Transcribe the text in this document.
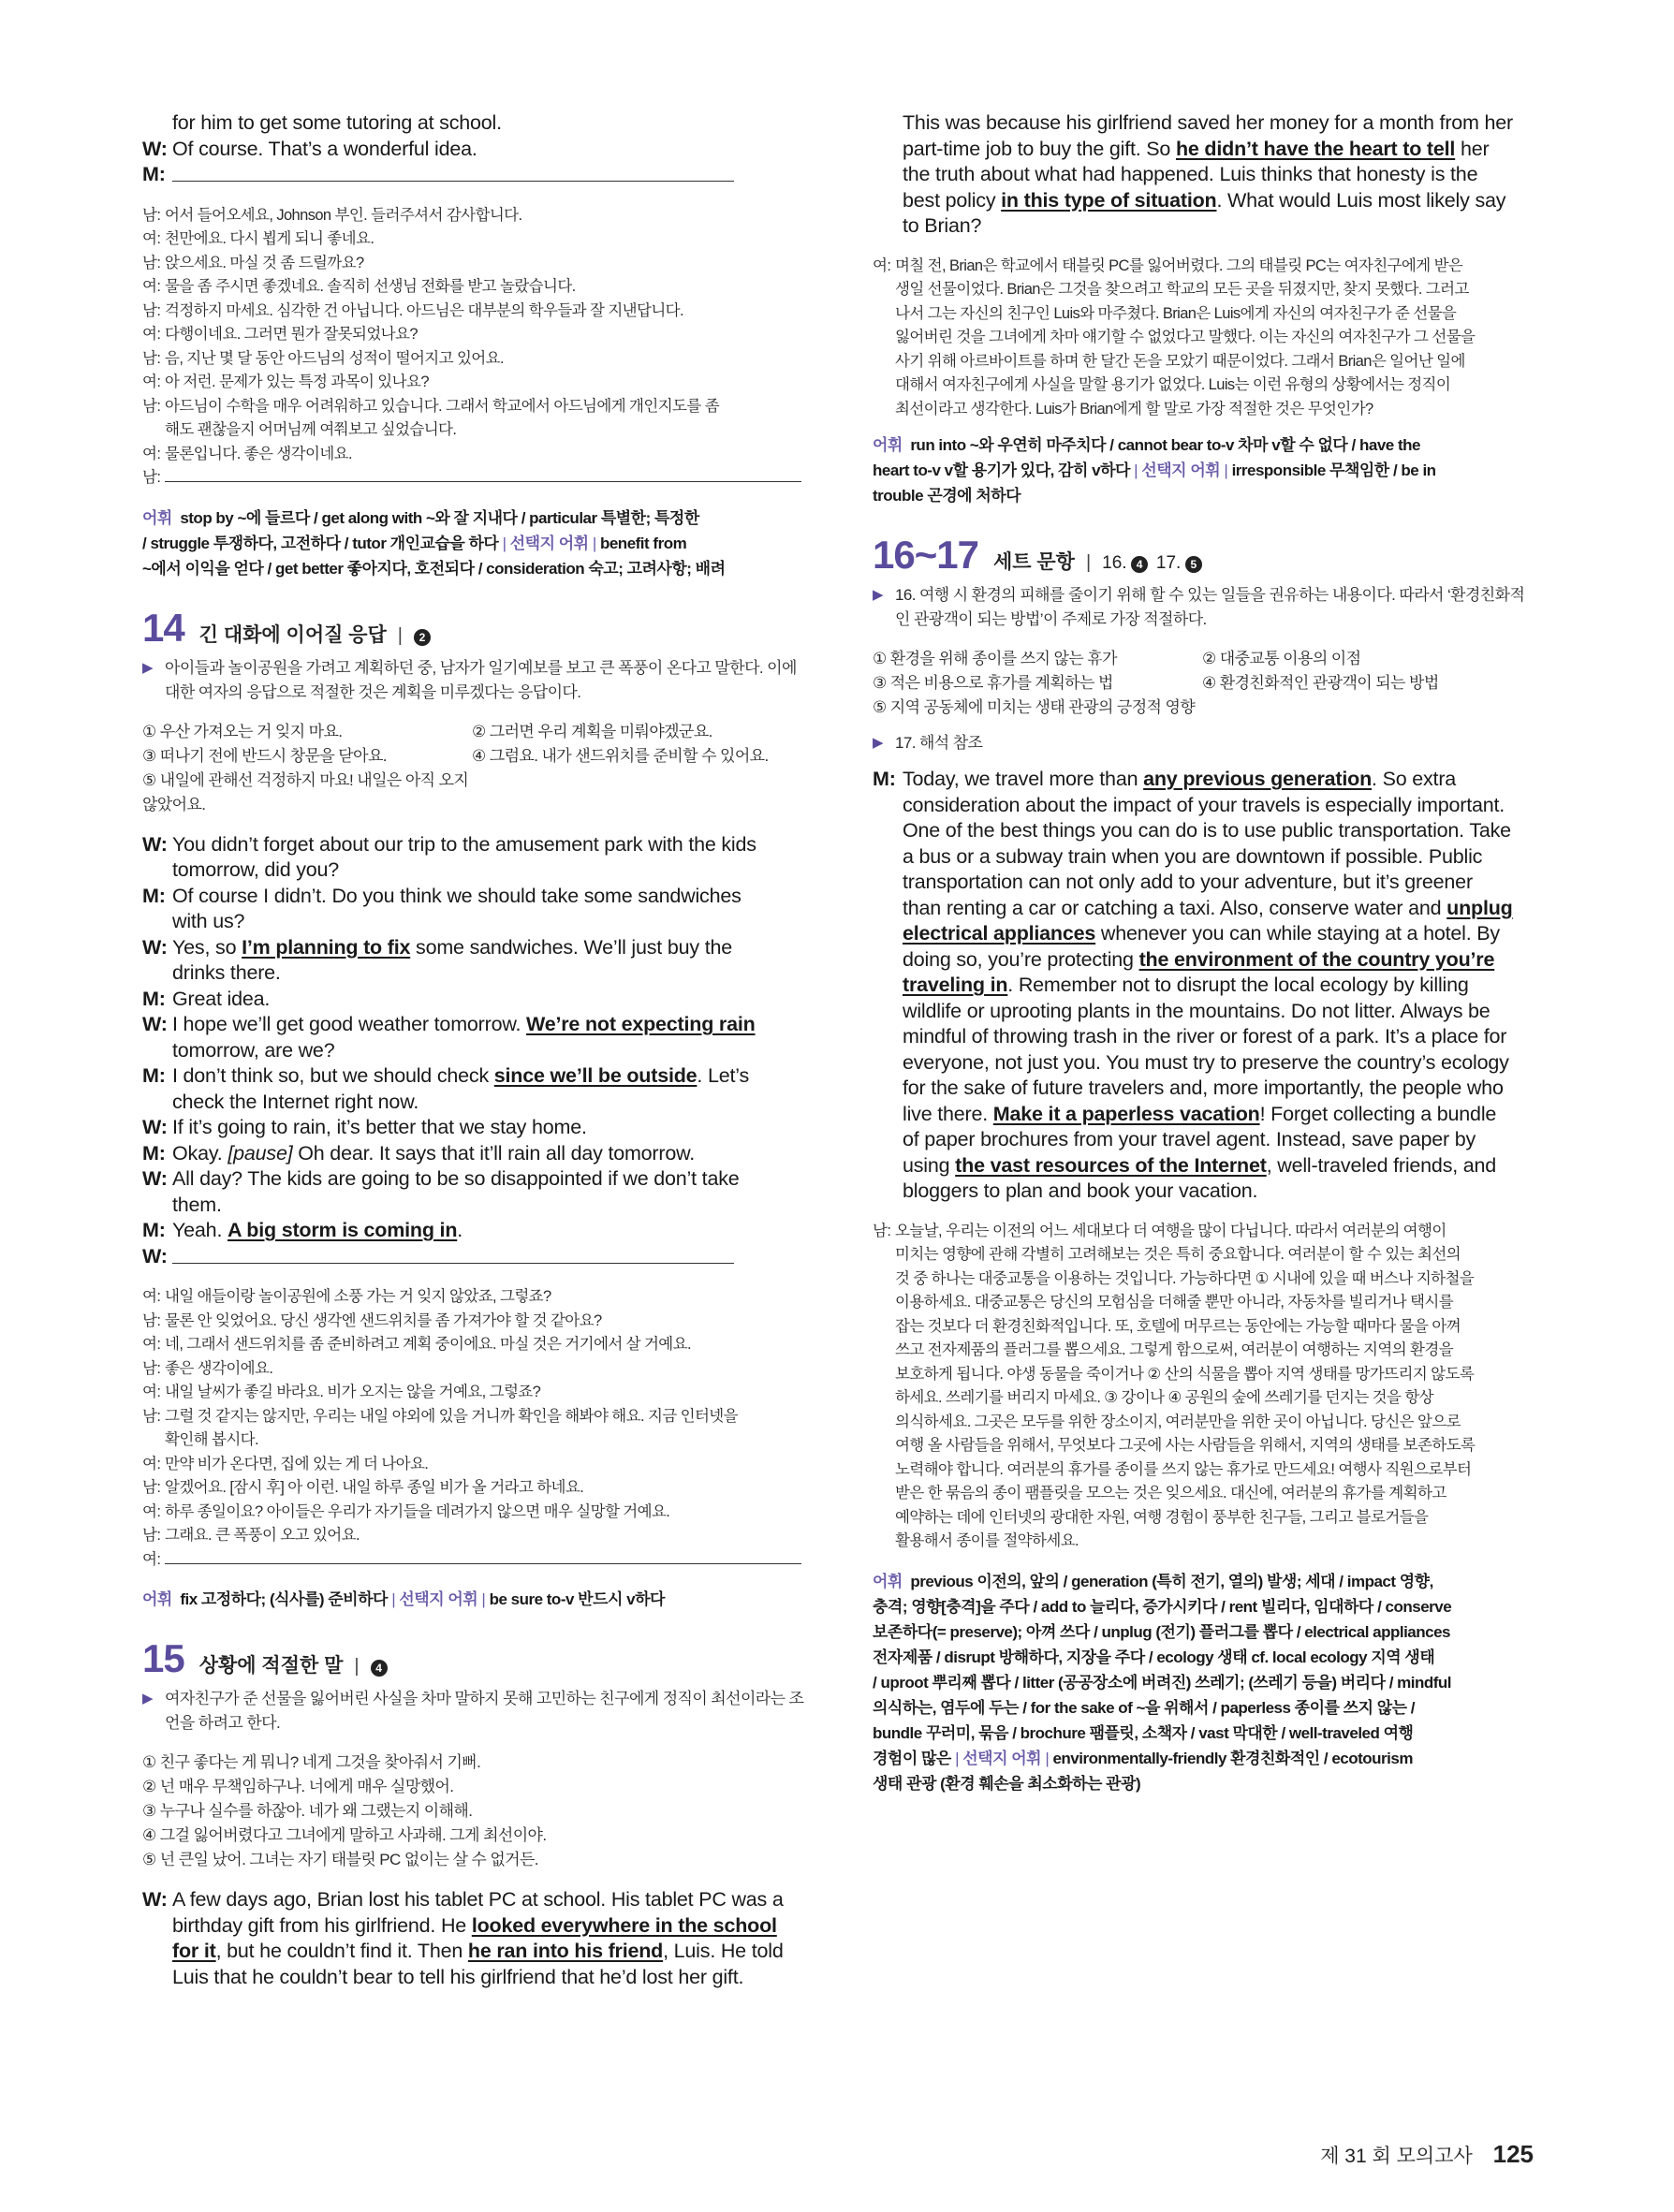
for him to get some tutoring at school.
W: Of course. That’s a wonderful idea.
M:
남: 어서 들어오세요, Johnson 부인. 들러주셔서 감사합니다.
여: 천만에요. 다시 뵙게 되니 좋네요.
남: 앉으세요. 마실 것 좀 드릴까요?
여: 물을 좀 주시면 좋겠네요. 솔직히 선생님 전화를 받고 놀랐습니다.
남: 걱정하지 마세요. 심각한 건 아닙니다. 아드님은 대부분의 학우들과 잘 지낸답니다.
여: 다행이네요. 그러면 뭔가 잘못되었나요?
남: 음, 지난 몇 달 동안 아드님의 성적이 떨어지고 있어요.
여: 아 저런. 문제가 있는 특정 과목이 있나요?
남: 아드님이 수학을 매우 어려워하고 있습니다. 그래서 학교에서 아드님에게 개인지도를 좀
해도 괜찮을지 어머님께 여쭤보고 싶었습니다.
여: 물론입니다. 좋은 생각이네요.
남:
어휘 stop by ~에 들르다 / get along with ~와 잘 지내다 / particular 특별한; 특정한
/ struggle 투쟁하다, 고전하다 / tutor 개인교습을 하다 | 선택지 어휘 | benefit from
~에서 이익을 얻다 / get better 좋아지다, 호전되다 / consideration 숙고; 고려사항; 배려
14 긴 대화에 이어질 응답 |	2
▶ 아이들과 놀이공원을 가려고 계획하던 중, 남자가 일기예보를 보고 큰 폭풍이 온다고 말한다. 이에 대한 여자의 응답으로 적절한 것은 계획을 미루겠다는 응답이다.
① 우산 가져오는 거 잊지 마요.	② 그러면 우리 계획을 미뤄야겠군요.
③ 떠나기 전에 반드시 창문을 닫아요.	④ 그럼요. 내가 샌드위치를 준비할 수 있어요.
⑤ 내일에 관해선 걱정하지 마요! 내일은 아직 오지 않았어요.
W: You didn’t forget about our trip to the amusement park with the kids
tomorrow, did you?
M: Of course I didn’t. Do you think we should take some sandwiches
with us?
W: Yes, so I’m planning to fix some sandwiches. We’ll just buy the
drinks there.
M: Great idea.
W: I hope we’ll get good weather tomorrow. We’re not expecting rain
tomorrow, are we?
M: I don’t think so, but we should check since we’ll be outside. Let’s
check the Internet right now.
W: If it’s going to rain, it’s better that we stay home.
M: Okay. [pause] Oh dear. It says that it’ll rain all day tomorrow.
W: All day? The kids are going to be so disappointed if we don’t take
them.
M: Yeah. A big storm is coming in.
W:
여: 내일 애들이랑 놀이공원에 소풍 가는 거 잊지 않았죠, 그렇죠?
남: 물론 안 잊었어요. 당신 생각엔 샌드위치를 좀 가져가야 할 것 같아요?
여: 네, 그래서 샌드위치를 좀 준비하려고 계획 중이에요. 마실 것은 거기에서 살 거예요.
남: 좋은 생각이에요.
여: 내일 날씨가 좋길 바라요. 비가 오지는 않을 거예요, 그렇죠?
남: 그럴 것 같지는 않지만, 우리는 내일 야외에 있을 거니까 확인을 해봐야 해요. 지금 인터넷을
확인해 봅시다.
여: 만약 비가 온다면, 집에 있는 게 더 나아요.
남: 알겠어요. [잠시 후] 아 이런. 내일 하루 종일 비가 올 거라고 하네요.
여: 하루 종일이요? 아이들은 우리가 자기들을 데려가지 않으면 매우 실망할 거예요.
남: 그래요. 큰 폭풍이 오고 있어요.
여:
어휘 fix 고정하다; (식사를) 준비하다 | 선택지 어휘 | be sure to-v 반드시 v하다
15 상황에 적절한 말 |	4
▶ 여자친구가 준 선물을 잃어버린 사실을 차마 말하지 못해 고민하는 친구에게 정직이 최선이라는 조언을 하려고 한다.
① 친구 좋다는 게 뭐니? 네게 그것을 찾아줘서 기뻐.
② 넌 매우 무책임하구나. 너에게 매우 실망했어.
③ 누구나 실수를 하잖아. 네가 왜 그랬는지 이해해.
④ 그걸 잃어버렸다고 그녀에게 말하고 사과해. 그게 최선이야.
⑤ 넌 큰일 났어. 그녀는 자기 태블릿 PC 없이는 살 수 없거든.
W: A few days ago, Brian lost his tablet PC at school. His tablet PC was a
birthday gift from his girlfriend. He looked everywhere in the school
for it, but he couldn’t find it. Then he ran into his friend, Luis. He told
Luis that he couldn’t bear to tell his girlfriend that he’d lost her gift.
This was because his girlfriend saved her money for a month from her
part-time job to buy the gift. So he didn’t have the heart to tell her
the truth about what had happened. Luis thinks that honesty is the
best policy in this type of situation. What would Luis most likely say
to Brian?
여: 며칠 전, Brian은 학교에서 태블릿 PC를 잃어버렸다. 그의 태블릿 PC는 여자친구에게 받은
생일 선물이었다. Brian은 그것을 찾으려고 학교의 모든 곳을 뒤졌지만, 찾지 못했다. 그러고
나서 그는 자신의 친구인 Luis와 마주쳤다. Brian은 Luis에게 자신의 여자친구가 준 선물을
잃어버린 것을 그녀에게 차마 얘기할 수 없었다고 말했다. 이는 자신의 여자친구가 그 선물을
사기 위해 아르바이트를 하며 한 달간 돈을 모았기 때문이었다. 그래서 Brian은 일어난 일에
대해서 여자친구에게 사실을 말할 용기가 없었다. Luis는 이런 유형의 상황에서는 정직이
최선이라고 생각한다. Luis가 Brian에게 할 말로 가장 적절한 것은 무엇인가?
어휘 run into ~와 우연히 마주치다 / cannot bear to-v 차마 v할 수 없다 / have the
heart to-v v할 용기가 있다, 감히 v하다 | 선택지 어휘 | irresponsible 무책임한 / be in
trouble 곤경에 처하다
16~17 세트 문항 | 16.
4
17.
5
▶ 16. 여행 시 환경의 피해를 줄이기 위해 할 수 있는 일들을 권유하는 내용이다. 따라서 ‘환경친화적인 관광객이 되는 방법’이 주제로 가장 적절하다.
① 환경을 위해 종이를 쓰지 않는 휴가	② 대중교통 이용의 이점
③ 적은 비용으로 휴가를 계획하는 법	④ 환경친화적인 관광객이 되는 방법
⑤ 지역 공동체에 미치는 생태 관광의 긍정적 영향
▶ 17. 해석 참조
M: Today, we travel more than any previous generation. So extra
consideration about the impact of your travels is especially important.
One of the best things you can do is to use public transportation. Take
a bus or a subway train when you are downtown if possible. Public
transportation can not only add to your adventure, but it’s greener
than renting a car or catching a taxi. Also, conserve water and unplug
electrical appliances whenever you can while staying at a hotel. By
doing so, you’re protecting the environment of the country you’re
traveling in. Remember not to disrupt the local ecology by killing
wildlife or uprooting plants in the mountains. Do not litter. Always be
mindful of throwing trash in the river or forest of a park. It’s a place for
everyone, not just you. You must try to preserve the country’s ecology
for the sake of future travelers and, more importantly, the people who
live there. Make it a paperless vacation! Forget collecting a bundle
of paper brochures from your travel agent. Instead, save paper by
using the vast resources of the Internet, well-traveled friends, and
bloggers to plan and book your vacation.
남: 오늘날, 우리는 이전의 어느 세대보다 더 여행을 많이 다닙니다. 따라서 여러분의 여행이
미치는 영향에 관해 각별히 고려해보는 것은 특히 중요합니다. 여러분이 할 수 있는 최선의
것 중 하나는 대중교통을 이용하는 것입니다. 가능하다면 ① 시내에 있을 때 버스나 지하철을
이용하세요. 대중교통은 당신의 모험심을 더해줄 뿐만 아니라, 자동차를 빌리거나 택시를
잡는 것보다 더 환경친화적입니다. 또, 호텔에 머무르는 동안에는 가능할 때마다 물을 아껴
쓰고 전자제품의 플러그를 뽑으세요. 그렇게 함으로써, 여러분이 여행하는 지역의 환경을
보호하게 됩니다. 야생 동물을 죽이거나 ② 산의 식물을 뽑아 지역 생태를 망가뜨리지 않도록
하세요. 쓰레기를 버리지 마세요. ③ 강이나 ④ 공원의 숲에 쓰레기를 던지는 것을 항상
의식하세요. 그곳은 모두를 위한 장소이지, 여러분만을 위한 곳이 아닙니다. 당신은 앞으로
여행 올 사람들을 위해서, 무엇보다 그곳에 사는 사람들을 위해서, 지역의 생태를 보존하도록
노력해야 합니다. 여러분의 휴가를 종이를 쓰지 않는 휴가로 만드세요! 여행사 직원으로부터
받은 한 묶음의 종이 팸플릿을 모으는 것은 잊으세요. 대신에, 여러분의 휴가를 계획하고
예약하는 데에 인터넷의 광대한 자원, 여행 경험이 풍부한 친구들, 그리고 블로거들을
활용해서 종이를 절약하세요.
어휘 previous 이전의, 앞의 / generation (특히 전기, 열의) 발생; 세대 / impact 영향,
충격; 영향[충격]을 주다 / add to 늘리다, 증가시키다 / rent 빌리다, 임대하다 / conserve
보존하다(= preserve); 아껴 쓰다 / unplug (전기) 플러그를 뽑다 / electrical appliances
전자제품 / disrupt 방해하다, 지장을 주다 / ecology 생태 cf. local ecology 지역 생태
/ uproot 뿌리째 뽑다 / litter (공공장소에 버려진) 쓰레기; (쓰레기 등을) 버리다 / mindful
의식하는, 염두에 두는 / for the sake of ~을 위해서 / paperless 종이를 쓰지 않는 /
bundle 꾸러미, 묶음 / brochure 팸플릿, 소책자 / vast 막대한 / well-traveled 여행
경험이 많은 | 선택지 어휘 | environmentally-friendly 환경친화적인 / ecotourism
생태 관광 (환경 훼손을 최소화하는 관광)
제 31 회 모의고사 125
